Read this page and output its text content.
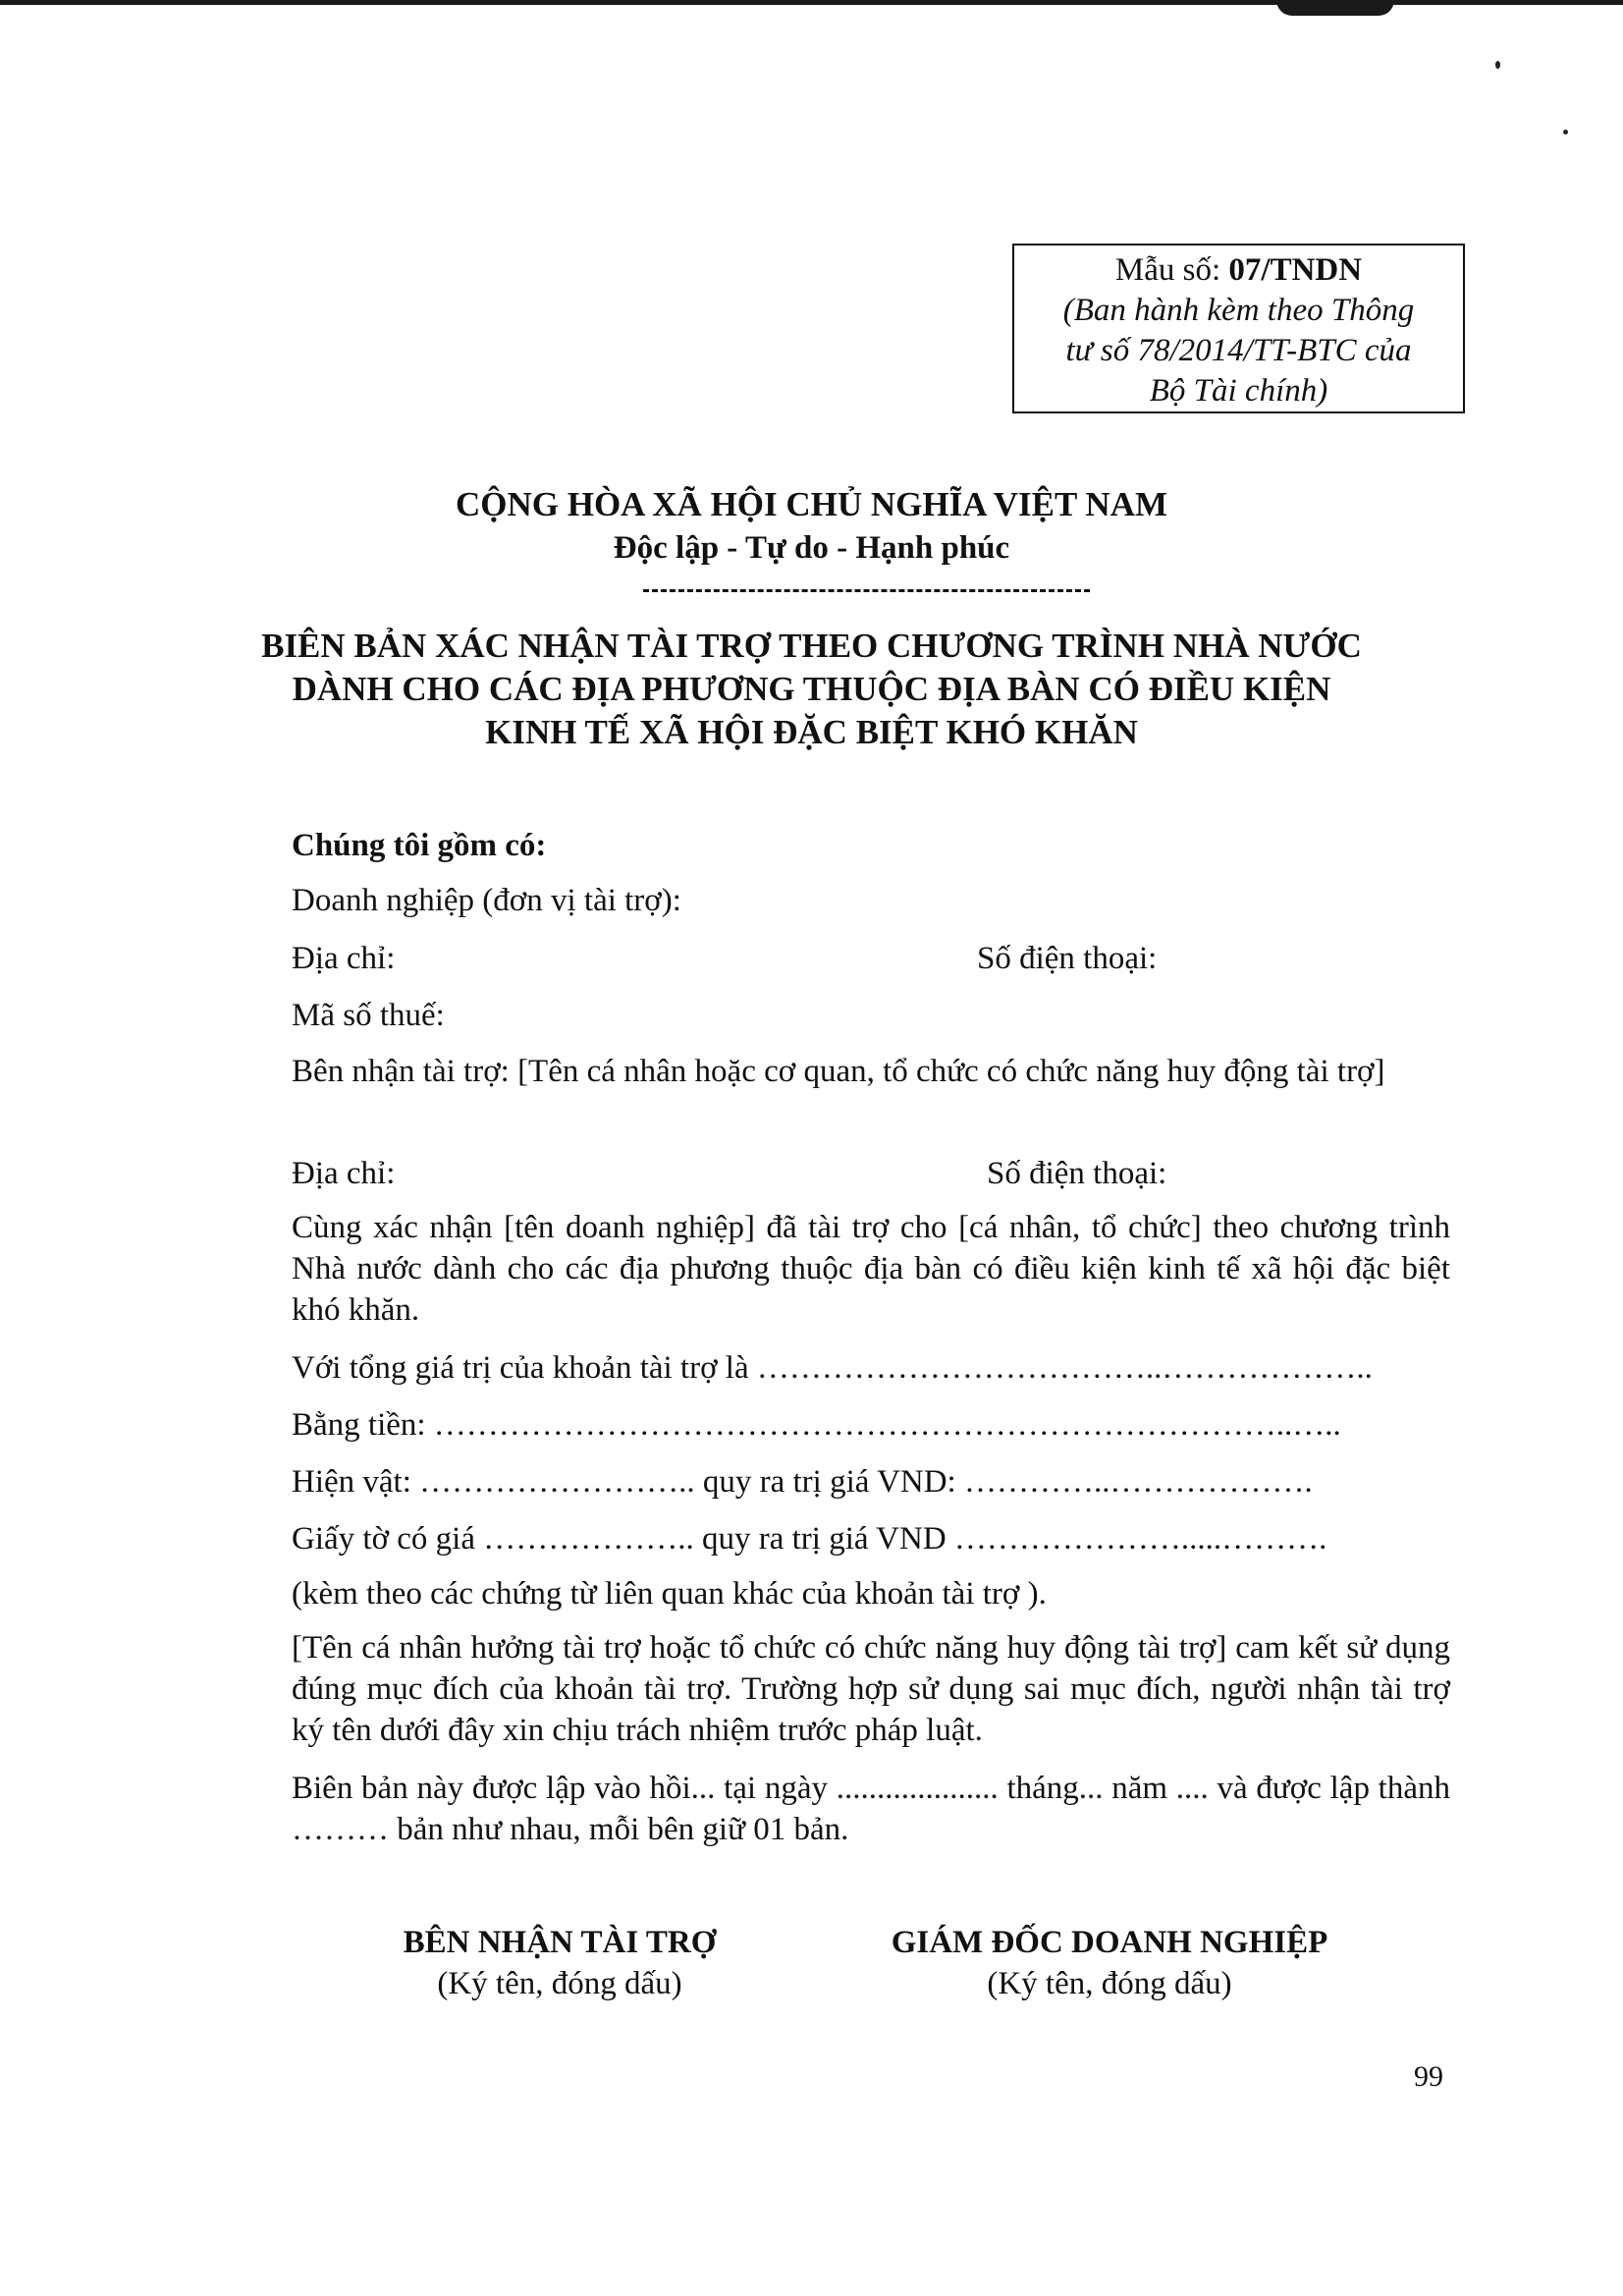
Mẫu số: 07/TNDN
(Ban hành kèm theo Thông
tư số 78/2014/TT-BTC của
Bộ Tài chính)
CỘNG HÒA XÃ HỘI CHỦ NGHĨA VIỆT NAM
Độc lập - Tự do - Hạnh phúc
BIÊN BẢN XÁC NHẬN TÀI TRỢ THEO CHƯƠNG TRÌNH NHÀ NƯỚC
DÀNH CHO CÁC ĐỊA PHƯƠNG THUỘC ĐỊA BÀN CÓ ĐIỀU KIỆN
KINH TẾ XÃ HỘI ĐẶC BIỆT KHÓ KHĂN
Chúng tôi gồm có:
Doanh nghiệp (đơn vị tài trợ):
Địa chỉ:	Số điện thoại:
Mã số thuế:
Bên nhận tài trợ: [Tên cá nhân hoặc cơ quan, tổ chức có chức năng huy động tài trợ]
Địa chỉ:	Số điện thoại:
Cùng xác nhận [tên doanh nghiệp] đã tài trợ cho [cá nhân, tổ chức] theo chương trình Nhà nước dành cho các địa phương thuộc địa bàn có điều kiện kinh tế xã hội đặc biệt khó khăn.
Với tổng giá trị của khoản tài trợ là ………………………………..………………..
Bằng tiền: ……………………………………………………………………..…..
Hiện vật: …………………….. quy ra trị giá VND: …………..……………….
Giấy tờ có giá ……………….. quy ra trị giá VND ………………….....……….
(kèm theo các chứng từ liên quan khác của khoản tài trợ ).
[Tên cá nhân hưởng tài trợ hoặc tổ chức có chức năng huy động tài trợ] cam kết sử dụng đúng mục đích của khoản tài trợ. Trường hợp sử dụng sai mục đích, người nhận tài trợ ký tên dưới đây xin chịu trách nhiệm trước pháp luật.
Biên bản này được lập vào hồi... tại ngày .................... tháng... năm .... và được lập thành ……… bản như nhau, mỗi bên giữ 01 bản.
BÊN NHẬN TÀI TRỢ
(Ký tên, đóng dấu)
GIÁM ĐỐC DOANH NGHIỆP
(Ký tên, đóng dấu)
99
